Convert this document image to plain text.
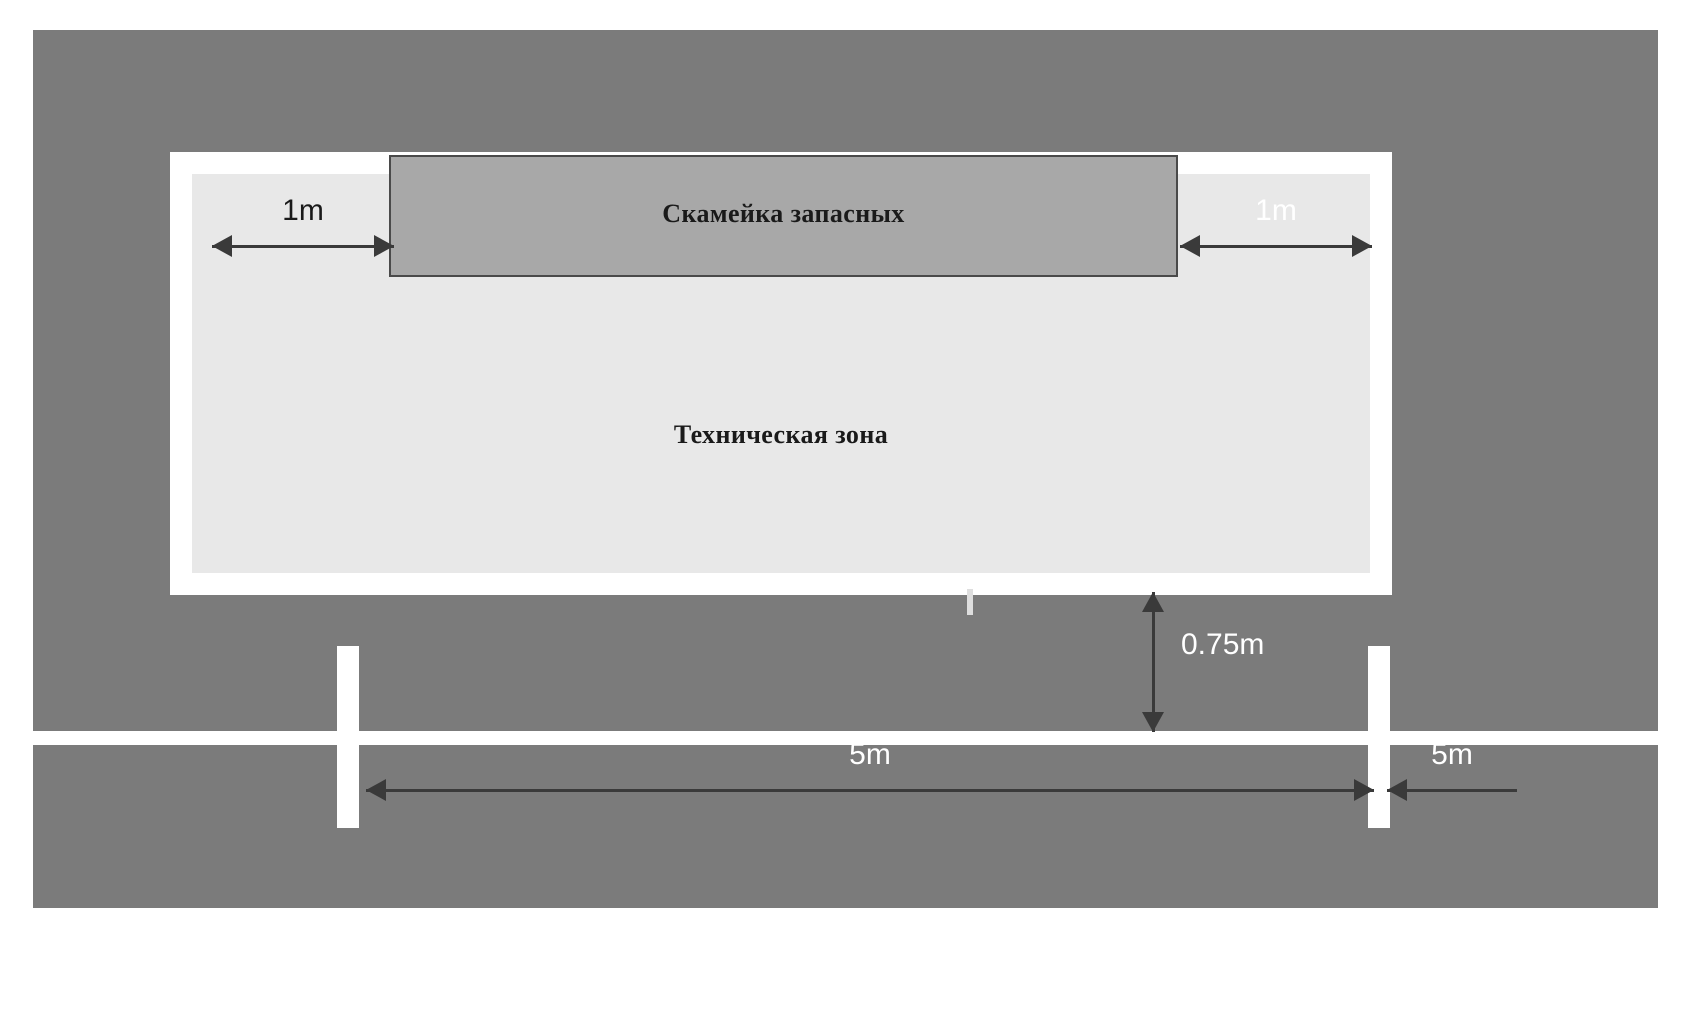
Техническая зона
Скамейка запасных
1m	1m
0.75m
5m	5m
